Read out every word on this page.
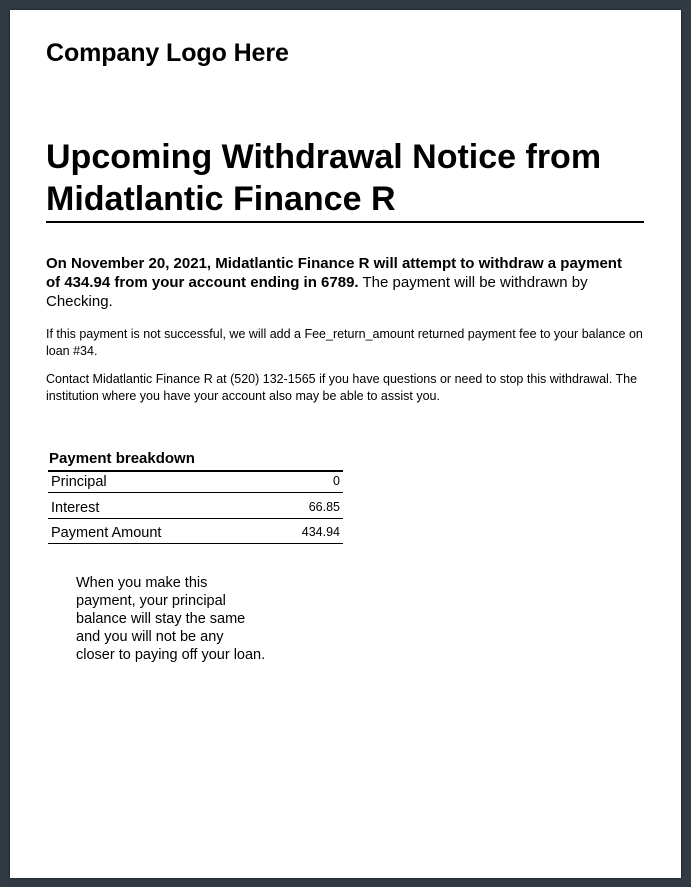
Company Logo Here
Upcoming Withdrawal Notice from Midatlantic Finance R

On November 20, 2021, Midatlantic Finance R will attempt to withdraw a payment of 434.94 from your account ending in 6789. The payment will be withdrawn by Checking.

If this payment is not successful, we will add a Fee_return_amount returned payment fee to your balance on loan #34.

Contact Midatlantic Finance R at (520) 132-1565 if you have questions or need to stop this withdrawal. The institution where you have your account also may be able to assist you.

Payment breakdown
Principal	0
Interest	66.85
Payment Amount	434.94

When you make this payment, your principal balance will stay the same and you will not be any closer to paying off your loan.
